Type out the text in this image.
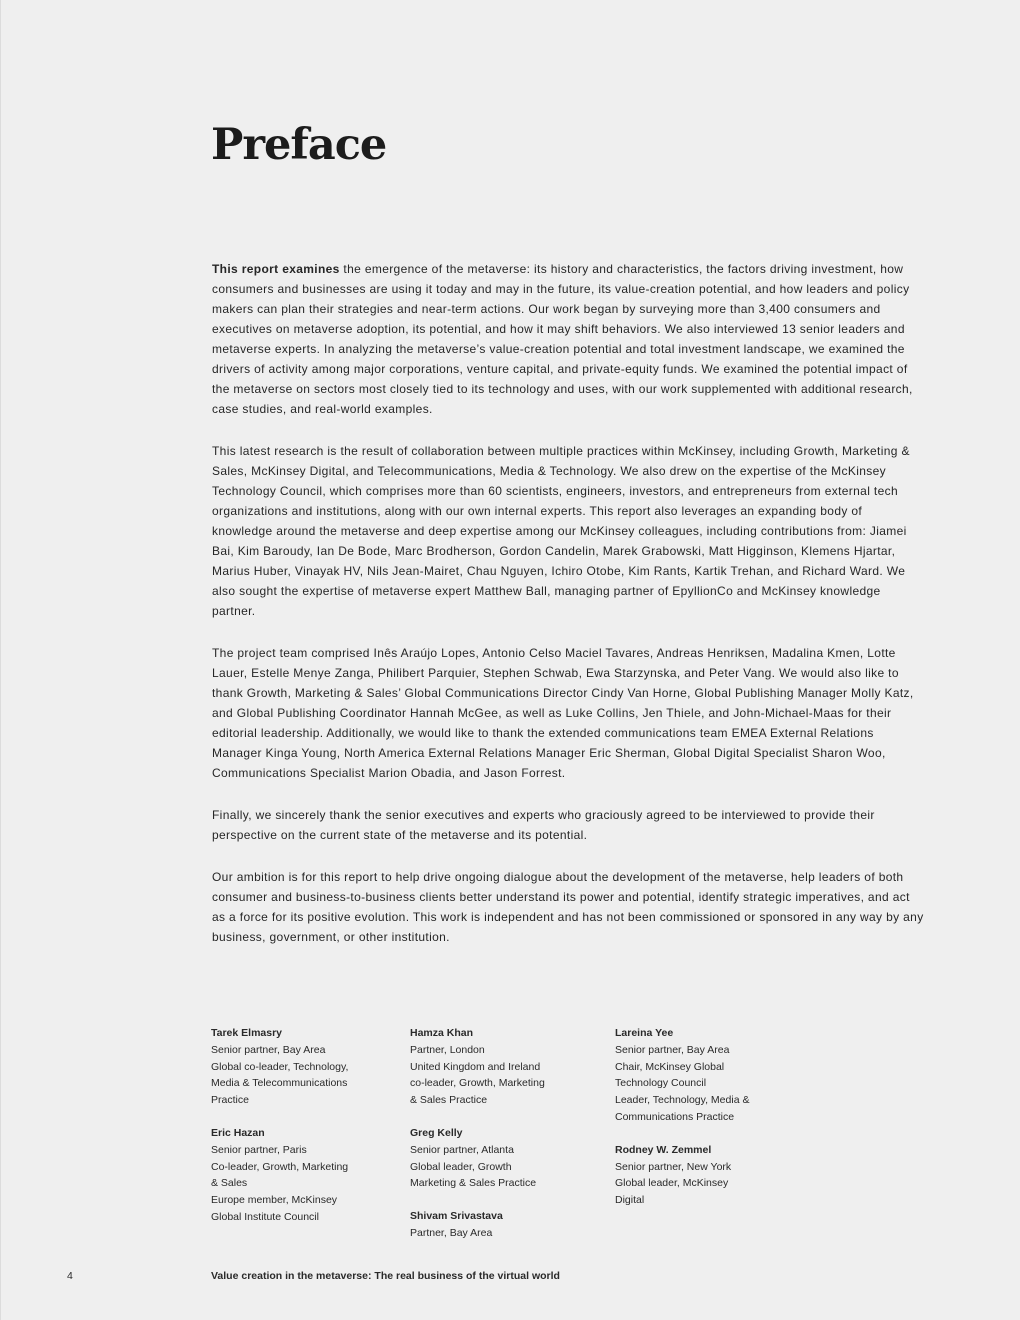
Preface

This report examines the emergence of the metaverse: its history and characteristics, the factors driving investment, how consumers and businesses are using it today and may in the future, its value-creation potential, and how leaders and policy makers can plan their strategies and near-term actions. Our work began by surveying more than 3,400 consumers and executives on metaverse adoption, its potential, and how it may shift behaviors. We also interviewed 13 senior leaders and metaverse experts. In analyzing the metaverse’s value-creation potential and total investment landscape, we examined the drivers of activity among major corporations, venture capital, and private-equity funds. We examined the potential impact of the metaverse on sectors most closely tied to its technology and uses, with our work supplemented with additional research, case studies, and real-world examples.

This latest research is the result of collaboration between multiple practices within McKinsey, including Growth, Marketing & Sales, McKinsey Digital, and Telecommunications, Media & Technology. We also drew on the expertise of the McKinsey Technology Council, which comprises more than 60 scientists, engineers, investors, and entrepreneurs from external tech organizations and institutions, along with our own internal experts. This report also leverages an expanding body of knowledge around the metaverse and deep expertise among our McKinsey colleagues, including contributions from: Jiamei Bai, Kim Baroudy, Ian De Bode, Marc Brodherson, Gordon Candelin, Marek Grabowski, Matt Higginson, Klemens Hjartar, Marius Huber, Vinayak HV, Nils Jean-Mairet, Chau Nguyen, Ichiro Otobe, Kim Rants, Kartik Trehan, and Richard Ward. We also sought the expertise of metaverse expert Matthew Ball, managing partner of EpyllionCo and McKinsey knowledge partner.

The project team comprised Inês Araújo Lopes, Antonio Celso Maciel Tavares, Andreas Henriksen, Madalina Kmen, Lotte Lauer, Estelle Menye Zanga, Philibert Parquier, Stephen Schwab, Ewa Starzynska, and Peter Vang. We would also like to thank Growth, Marketing & Sales’ Global Communications Director Cindy Van Horne, Global Publishing Manager Molly Katz, and Global Publishing Coordinator Hannah McGee, as well as Luke Collins, Jen Thiele, and John-Michael-Maas for their editorial leadership. Additionally, we would like to thank the extended communications team EMEA External Relations Manager Kinga Young, North America External Relations Manager Eric Sherman, Global Digital Specialist Sharon Woo, Communications Specialist Marion Obadia, and Jason Forrest.

Finally, we sincerely thank the senior executives and experts who graciously agreed to be interviewed to provide their perspective on the current state of the metaverse and its potential.

Our ambition is for this report to help drive ongoing dialogue about the development of the metaverse, help leaders of both consumer and business-to-business clients better understand its power and potential, identify strategic imperatives, and act as a force for its positive evolution. This work is independent and has not been commissioned or sponsored in any way by any business, government, or other institution.

Tarek Elmasry
Senior partner, Bay Area
Global co-leader, Technology,
Media & Telecommunications
Practice
Eric Hazan
Senior partner, Paris
Co-leader, Growth, Marketing
& Sales
Europe member, McKinsey
Global Institute Council
Hamza Khan
Partner, London
United Kingdom and Ireland
co-leader, Growth, Marketing
& Sales Practice
Greg Kelly
Senior partner, Atlanta
Global leader, Growth
Marketing & Sales Practice
Shivam Srivastava
Partner, Bay Area
Lareina Yee
Senior partner, Bay Area
Chair, McKinsey Global
Technology Council
Leader, Technology, Media &
Communications Practice
Rodney W. Zemmel
Senior partner, New York
Global leader, McKinsey
Digital
4	Value creation in the metaverse: The real business of the virtual world
